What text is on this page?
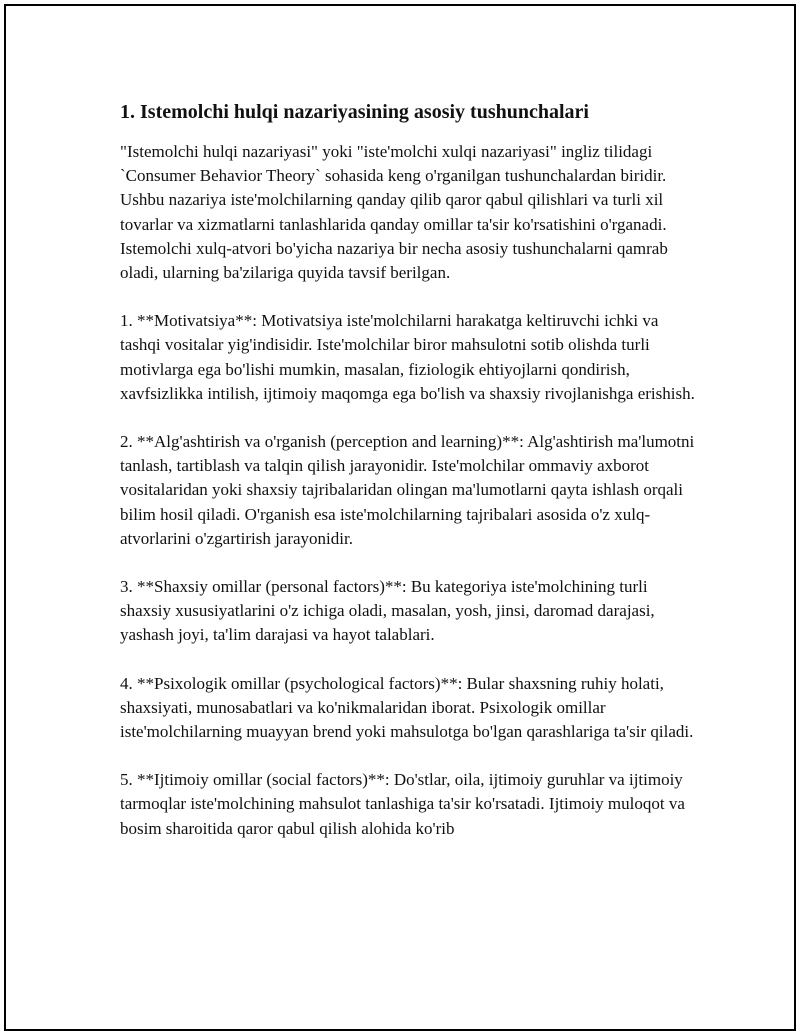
1. Istemolchi hulqi nazariyasining asosiy tushunchalari

"Istemolchi hulqi nazariyasi" yoki "iste'molchi xulqi nazariyasi" ingliz tilidagi `Consumer Behavior Theory` sohasida keng o'rganilgan tushunchalardan biridir. Ushbu nazariya iste'molchilarning qanday qilib qaror qabul qilishlari va turli xil tovarlar va xizmatlarni tanlashlarida qanday omillar ta'sir ko'rsatishini o'rganadi. Istemolchi xulq-atvori bo'yicha nazariya bir necha asosiy tushunchalarni qamrab oladi, ularning ba'zilariga quyida tavsif berilgan.

1. **Motivatsiya**: Motivatsiya iste'molchilarni harakatga keltiruvchi ichki va tashqi vositalar yig'indisidir. Iste'molchilar biror mahsulotni sotib olishda turli motivlarga ega bo'lishi mumkin, masalan, fiziologik ehtiyojlarni qondirish, xavfsizlikka intilish, ijtimoiy maqomga ega bo'lish va shaxsiy rivojlanishga erishish.

2. **Alg'ashtirish va o'rganish (perception and learning)**: Alg'ashtirish ma'lumotni tanlash, tartiblash va talqin qilish jarayonidir. Iste'molchilar ommaviy axborot vositalaridan yoki shaxsiy tajribalaridan olingan ma'lumotlarni qayta ishlash orqali bilim hosil qiladi. O'rganish esa iste'molchilarning tajribalari asosida o'z xulq-atvorlarini o'zgartirish jarayonidir.

3. **Shaxsiy omillar (personal factors)**: Bu kategoriya iste'molchining turli shaxsiy xususiyatlarini o'z ichiga oladi, masalan, yosh, jinsi, daromad darajasi, yashash joyi, ta'lim darajasi va hayot talablari.

4. **Psixologik omillar (psychological factors)**: Bular shaxsning ruhiy holati, shaxsiyati, munosabatlari va ko'nikmalaridan iborat. Psixologik omillar iste'molchilarning muayyan brend yoki mahsulotga bo'lgan qarashlariga ta'sir qiladi.

5. **Ijtimoiy omillar (social factors)**: Do'stlar, oila, ijtimoiy guruhlar va ijtimoiy tarmoqlar iste'molchining mahsulot tanlashiga ta'sir ko'rsatadi. Ijtimoiy muloqot va bosim sharoitida qaror qabul qilish alohida ko'rib
